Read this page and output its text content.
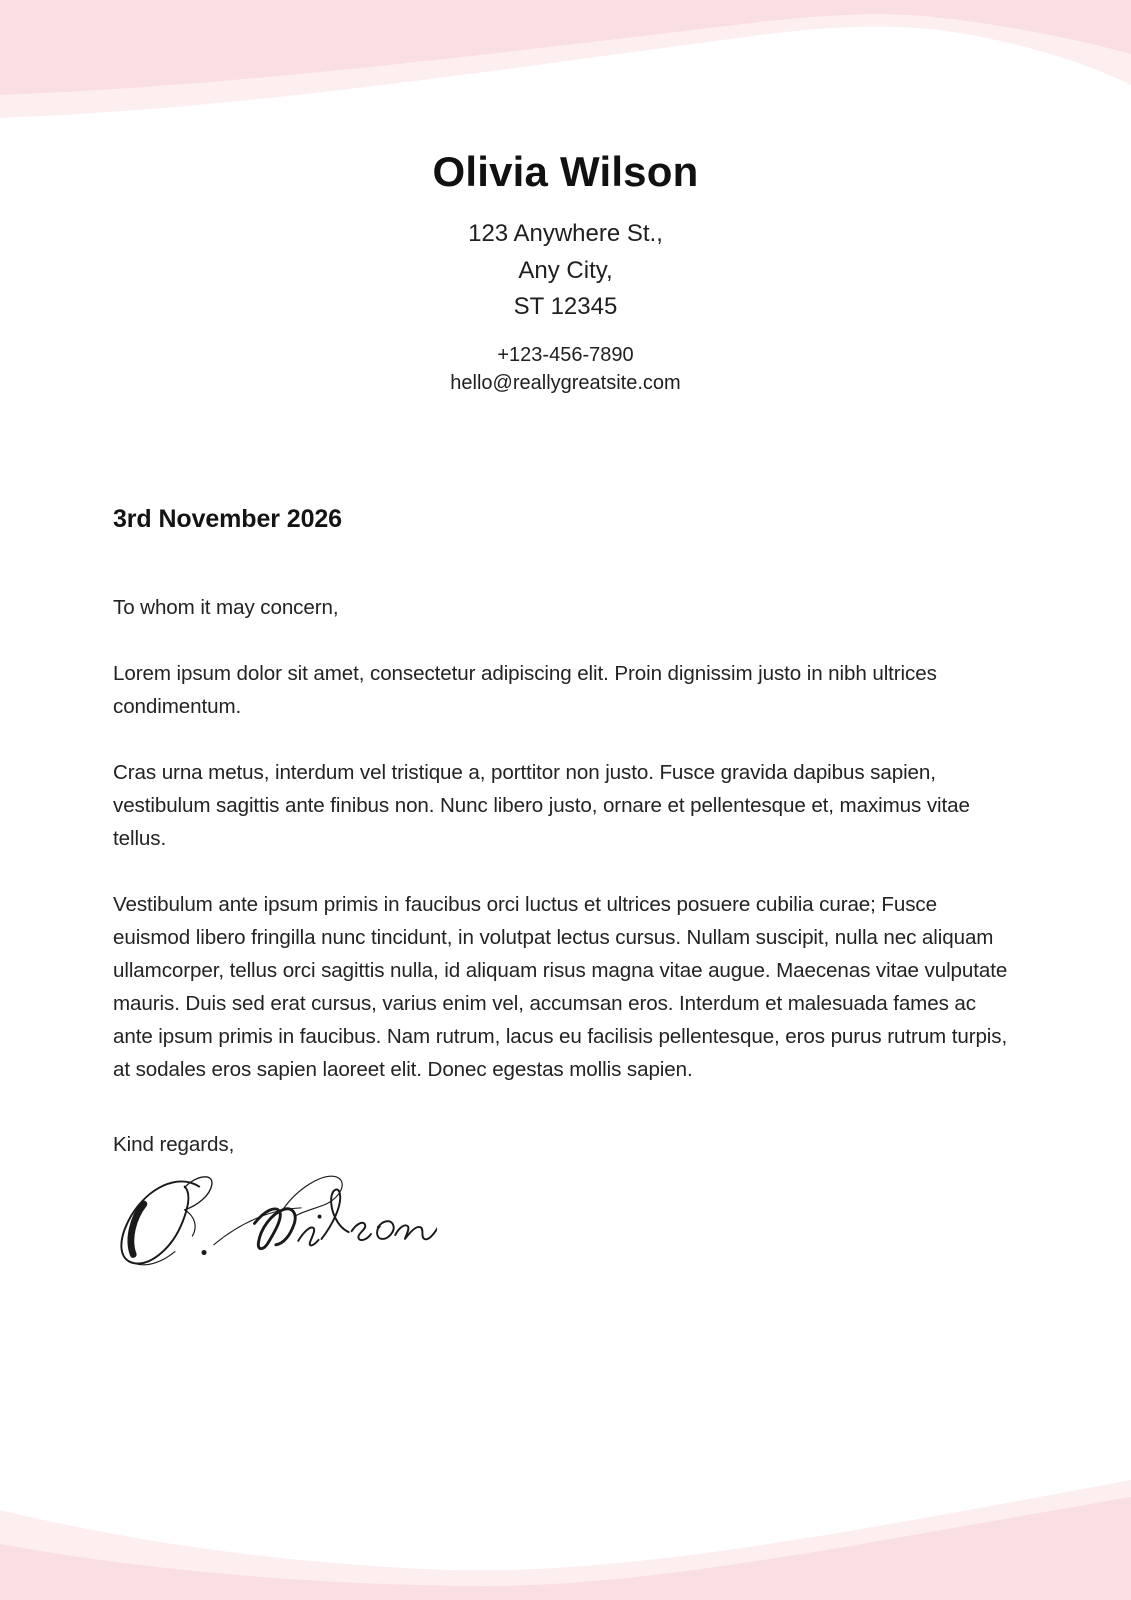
Olivia Wilson
123 Anywhere St.,
Any City,
ST 12345
+123-456-7890
hello@reallygreatsite.com

3rd November 2026

To whom it may concern,

Lorem ipsum dolor sit amet, consectetur adipiscing elit. Proin dignissim justo in nibh ultrices condimentum.

Cras urna metus, interdum vel tristique a, porttitor non justo. Fusce gravida dapibus sapien, vestibulum sagittis ante finibus non. Nunc libero justo, ornare et pellentesque et, maximus vitae tellus.

Vestibulum ante ipsum primis in faucibus orci luctus et ultrices posuere cubilia curae; Fusce euismod libero fringilla nunc tincidunt, in volutpat lectus cursus. Nullam suscipit, nulla nec aliquam ullamcorper, tellus orci sagittis nulla, id aliquam risus magna vitae augue. Maecenas vitae vulputate mauris. Duis sed erat cursus, varius enim vel, accumsan eros. Interdum et malesuada fames ac ante ipsum primis in faucibus. Nam rutrum, lacus eu facilisis pellentesque, eros purus rutrum turpis, at sodales eros sapien laoreet elit. Donec egestas mollis sapien.

Kind regards,
